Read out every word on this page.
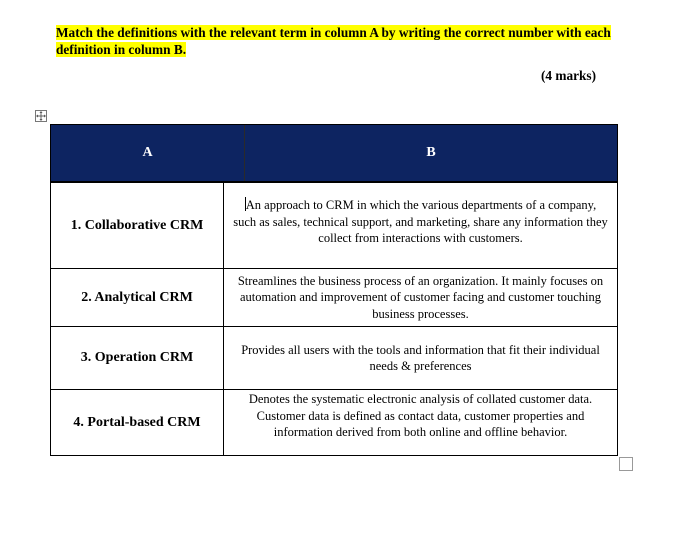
Match the definitions with the relevant term in column A by writing the correct number with each definition in column B.
(4 marks)
A	B
1. Collaborative CRM
An approach to CRM in which the various departments of a company, such as sales, technical support, and marketing, share any information they collect from interactions with customers.
2. Analytical CRM
Streamlines the business process of an organization. It mainly focuses on automation and improvement of customer facing and customer touching business processes.
3. Operation CRM
Provides all users with the tools and information that fit their individual needs & preferences
4. Portal-based CRM
Denotes the systematic electronic analysis of collated customer data. Customer data is defined as contact data, customer properties and information derived from both online and offline behavior.
